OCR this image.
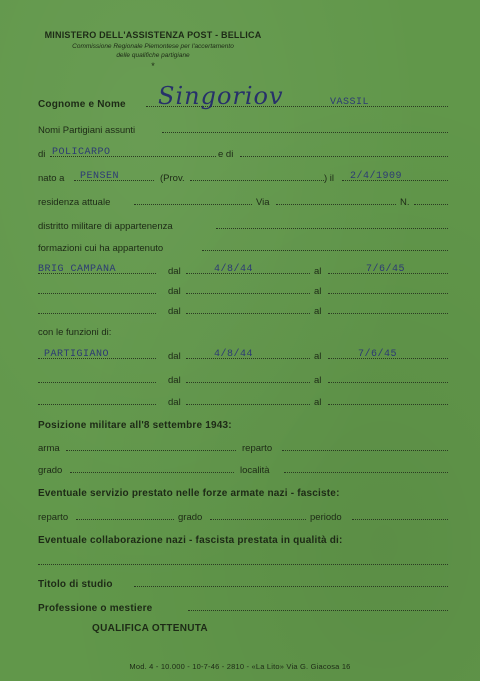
MINISTERO DELL'ASSISTENZA POST - BELLICA
Commissione Regionale Piemontese per l'accertamento
delle qualifiche partigiane
*
Cognome e Nome Singoriov	VASSIL
Nomi Partigiani assunti
di POLICARPO	e di
nato a PENSEN	(Prov.	) il 2/4/1909
residenza attuale	Via	N.
distritto militare di appartenenza
formazioni cui ha appartenuto
BRIG CAMPANA	dal	4/8/44	al	7/6/45
dal	al
dal	al
con le funzioni di:
PARTIGIANO	dal	4/8/44	al	7/6/45
dal	al
dal	al
Posizione militare all'8 settembre 1943:
arma	reparto
grado	località
Eventuale servizio prestato nelle forze armate nazi - fasciste:
reparto	grado	periodo
Eventuale collaborazione nazi - fascista prestata in qualità di:
Titolo di studio
Professione o mestiere
QUALIFICA OTTENUTA
Mod. 4 - 10.000 - 10-7-46 - 2810 - «La Lito» Via G. Giacosa 16
